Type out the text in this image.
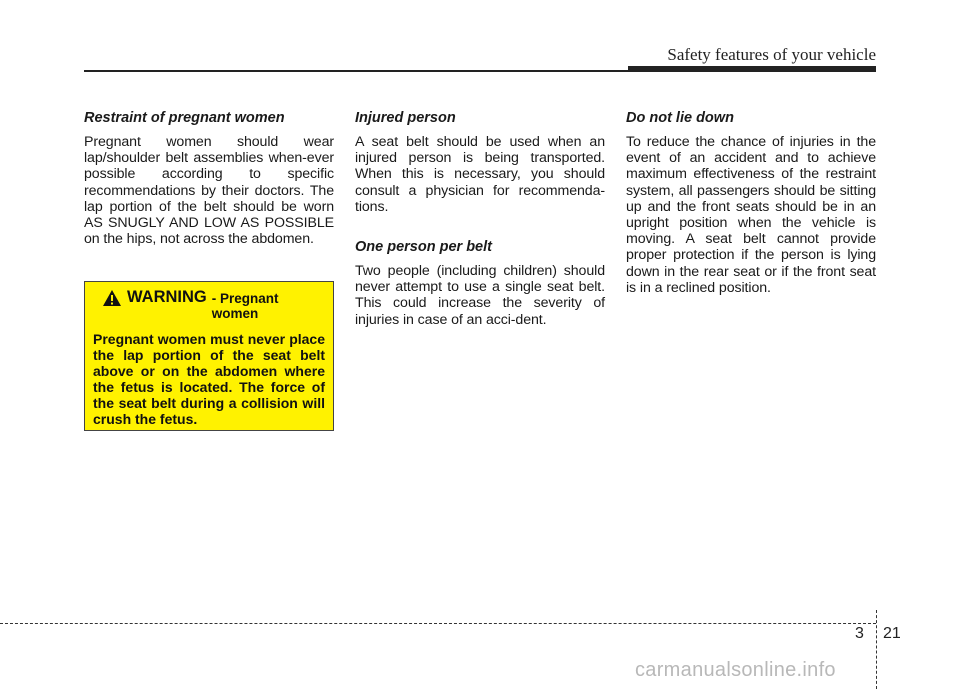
Safety features of your vehicle
Restraint of pregnant women

Pregnant women should wear lap/shoulder belt assemblies when-ever possible according to specific recommendations by their doctors. The lap portion of the belt should be worn AS SNUGLY AND LOW AS POSSIBLE on the hips, not across the abdomen.

WARNING - Pregnant women
Pregnant women must never place the lap portion of the seat belt above or on the abdomen where the fetus is located. The force of the seat belt during a collision will crush the fetus.
Injured person

A seat belt should be used when an injured person is being transported. When this is necessary, you should consult a physician for recommenda-tions.

One person per belt

Two people (including children) should never attempt to use a single seat belt. This could increase the severity of injuries in case of an acci-dent.

Do not lie down

To reduce the chance of injuries in the event of an accident and to achieve maximum effectiveness of the restraint system, all passengers should be sitting up and the front seats should be in an upright position when the vehicle is moving. A seat belt cannot provide proper protection if the person is lying down in the rear seat or if the front seat is in a reclined position.

3 21
carmanualsonline.info
